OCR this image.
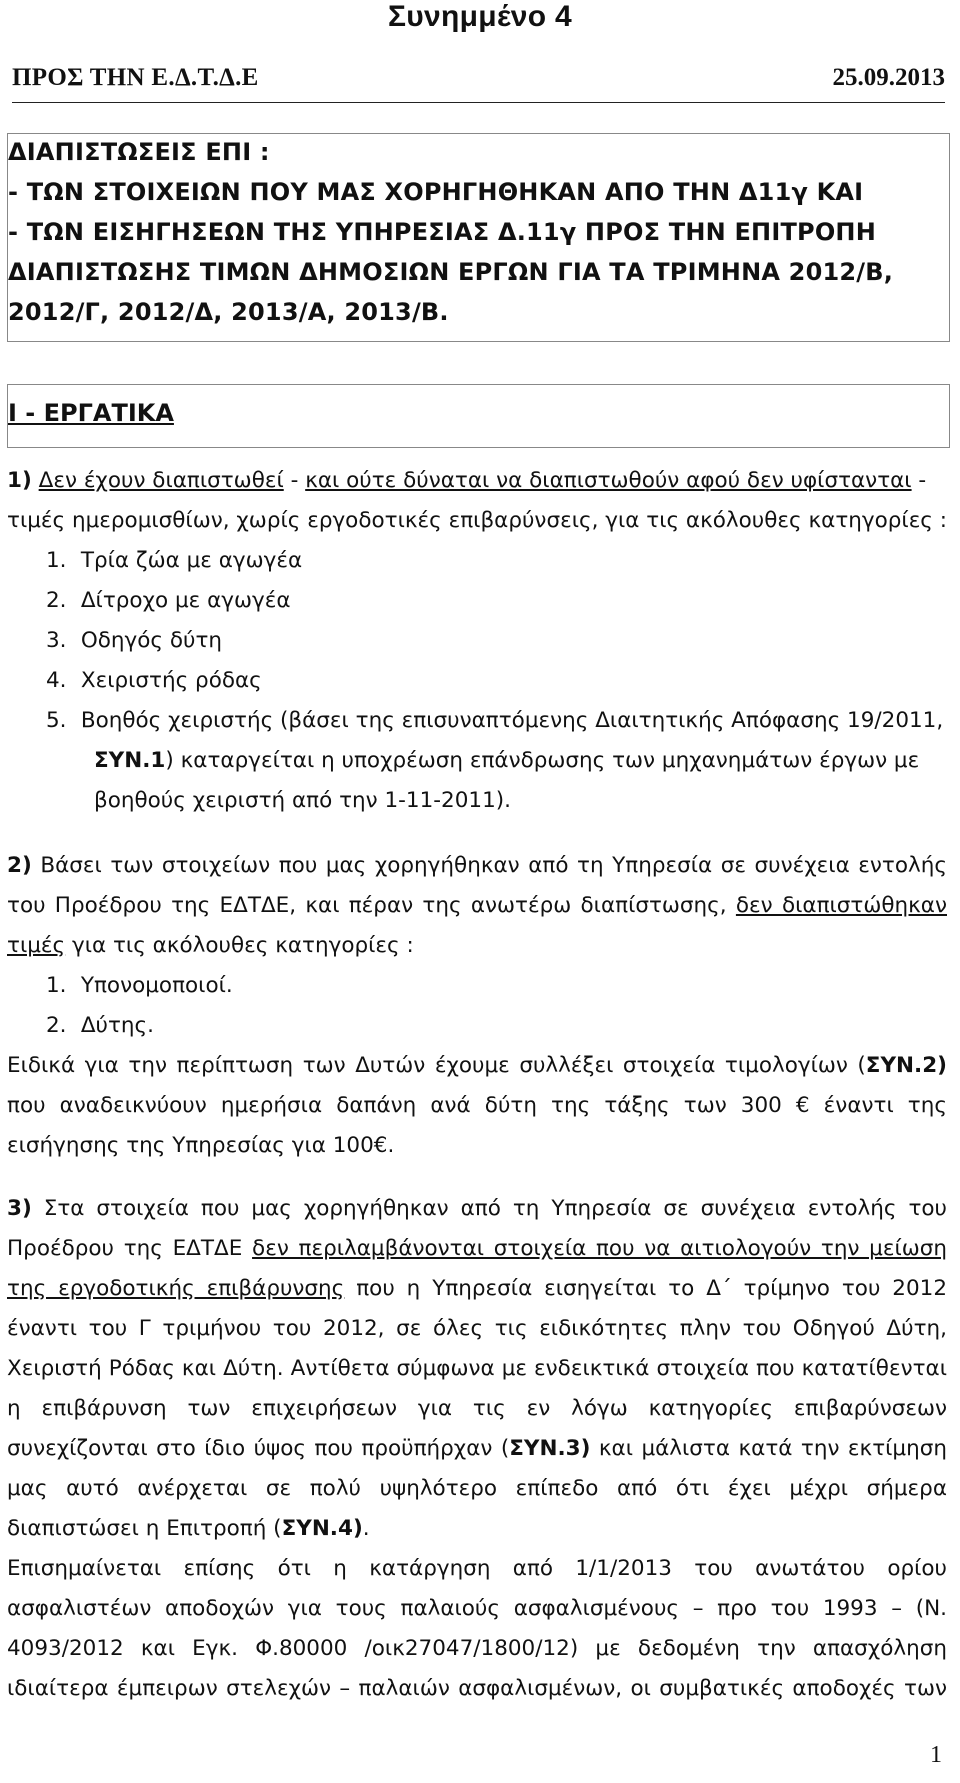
Συνημμένο 4
ΠΡΟΣ ΤΗΝ Ε.Δ.Τ.Δ.Ε	25.09.2013
ΔΙΑΠΙΣΤΩΣΕΙΣ ΕΠΙ :
- ΤΩΝ ΣΤΟΙΧΕΙΩΝ ΠΟΥ ΜΑΣ ΧΟΡΗΓΗΘΗΚΑΝ ΑΠΟ ΤΗΝ Δ11γ ΚΑΙ
- ΤΩΝ ΕΙΣΗΓΗΣΕΩΝ ΤΗΣ ΥΠΗΡΕΣΙΑΣ Δ.11γ ΠΡΟΣ ΤΗΝ ΕΠΙΤΡΟΠΗ
ΔΙΑΠΙΣΤΩΣΗΣ ΤΙΜΩΝ ΔΗΜΟΣΙΩΝ ΕΡΓΩΝ ΓΙΑ ΤΑ ΤΡΙΜΗΝΑ 2012/Β,
2012/Γ, 2012/Δ, 2013/Α, 2013/Β.
Ι - ΕΡΓΑΤΙΚΑ
1) Δεν έχουν διαπιστωθεί - και ούτε δύναται να διαπιστωθούν αφού δεν υφίστανται -
τιμές ημερομισθίων, χωρίς εργοδοτικές επιβαρύνσεις, για τις ακόλουθες κατηγορίες :
1. Τρία ζώα με αγωγέα
2. Δίτροχο με αγωγέα
3. Οδηγός δύτη
4. Χειριστής ρόδας
5. Βοηθός χειριστής (βάσει της επισυναπτόμενης Διαιτητικής Απόφασης 19/2011,
ΣΥΝ.1) καταργείται η υποχρέωση επάνδρωσης των μηχανημάτων έργων με
βοηθούς χειριστή από την 1-11-2011).
2) Βάσει των στοιχείων που μας χορηγήθηκαν από τη Υπηρεσία σε συνέχεια εντολής
του Προέδρου της ΕΔΤΔΕ, και πέραν της ανωτέρω διαπίστωσης, δεν διαπιστώθηκαν
τιμές για τις ακόλουθες κατηγορίες :
1. Υπονομοποιοί.
2. Δύτης.
Ειδικά για την περίπτωση των Δυτών έχουμε συλλέξει στοιχεία τιμολογίων (ΣΥΝ.2)
που αναδεικνύουν ημερήσια δαπάνη ανά δύτη της τάξης των 300 € έναντι της
εισήγησης της Υπηρεσίας για 100€.
3) Στα στοιχεία που μας χορηγήθηκαν από τη Υπηρεσία σε συνέχεια εντολής του
Προέδρου της ΕΔΤΔΕ δεν περιλαμβάνονται στοιχεία που να αιτιολογούν την μείωση
της εργοδοτικής επιβάρυνσης που η Υπηρεσία εισηγείται το Δ΄ τρίμηνο του 2012
έναντι του Γ τριμήνου του 2012, σε όλες τις ειδικότητες πλην του Οδηγού Δύτη,
Χειριστή Ρόδας και Δύτη. Αντίθετα σύμφωνα με ενδεικτικά στοιχεία που κατατίθενται
η επιβάρυνση των επιχειρήσεων για τις εν λόγω κατηγορίες επιβαρύνσεων
συνεχίζονται στο ίδιο ύψος που προϋπήρχαν (ΣΥΝ.3) και μάλιστα κατά την εκτίμηση
μας αυτό ανέρχεται σε πολύ υψηλότερο επίπεδο από ότι έχει μέχρι σήμερα
διαπιστώσει η Επιτροπή (ΣΥΝ.4).
Επισημαίνεται επίσης ότι η κατάργηση από 1/1/2013 του ανωτάτου ορίου
ασφαλιστέων αποδοχών για τους παλαιούς ασφαλισμένους – προ του 1993 – (Ν.
4093/2012 και Εγκ. Φ.80000 /οικ27047/1800/12) με δεδομένη την απασχόληση
ιδιαίτερα έμπειρων στελεχών – παλαιών ασφαλισμένων, οι συμβατικές αποδοχές των
1
